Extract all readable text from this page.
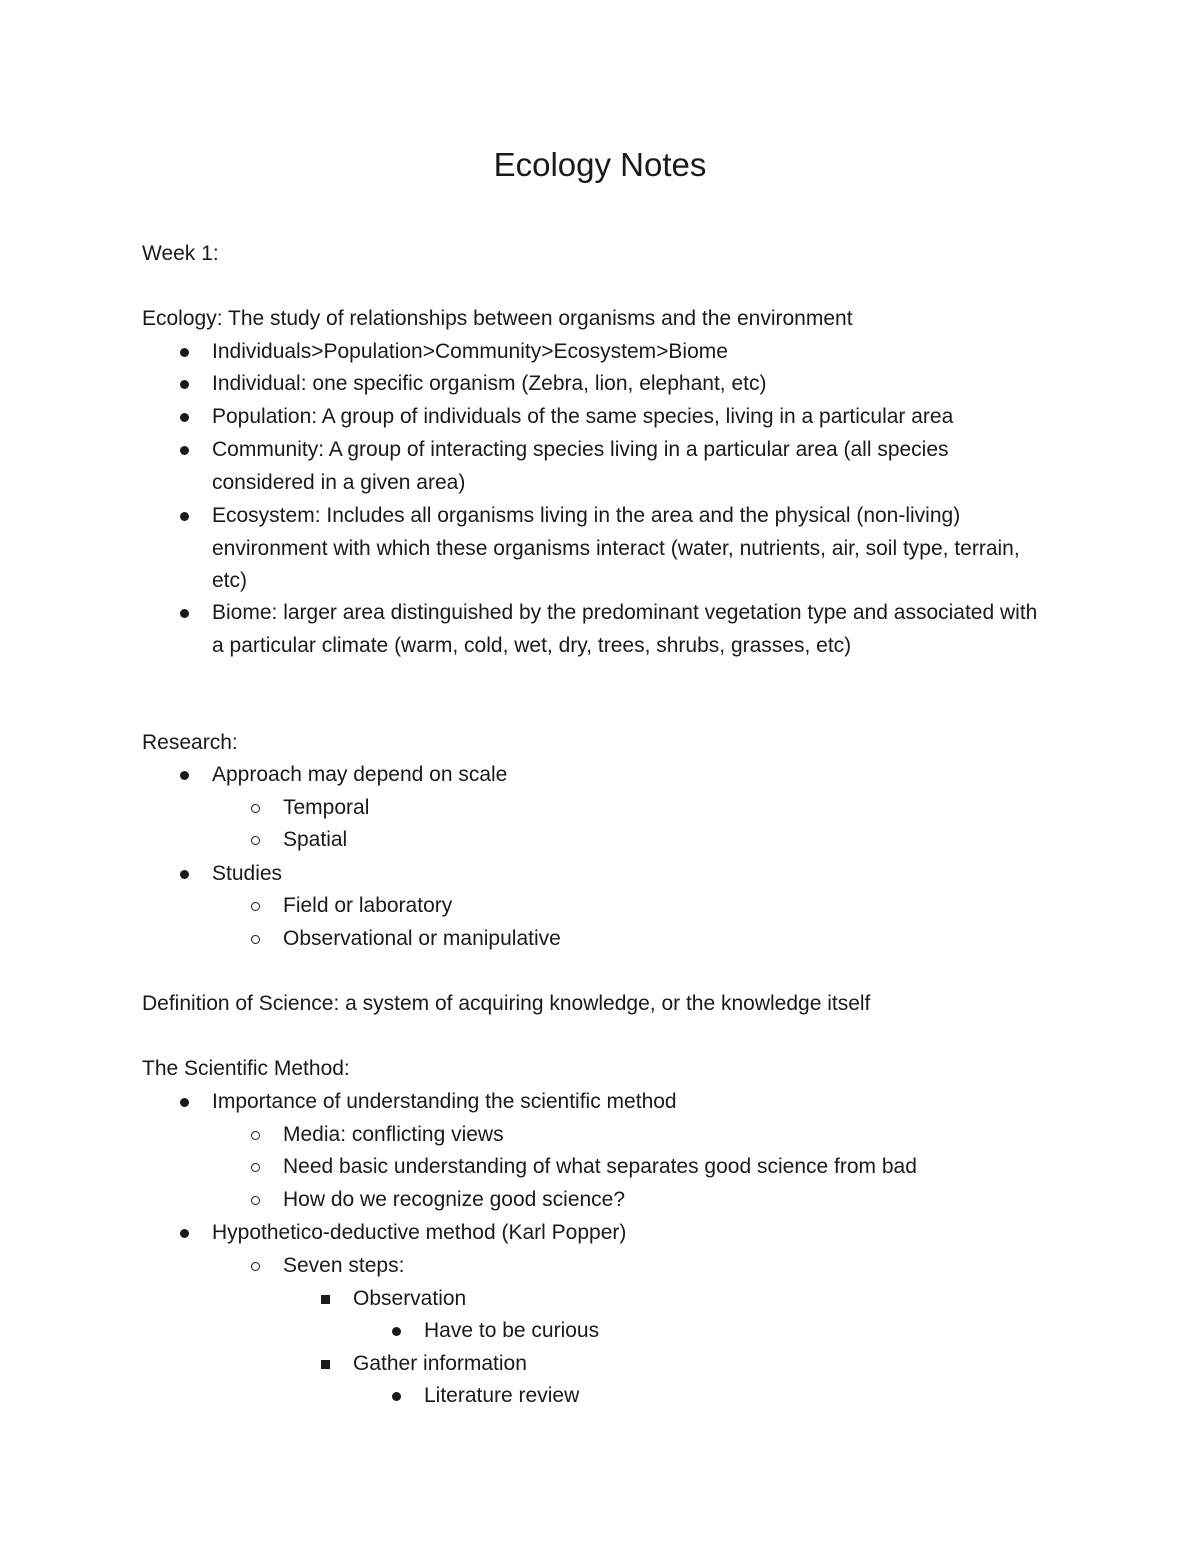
Ecology Notes
Week 1:
Ecology: The study of relationships between organisms and the environment
Individuals>Population>Community>Ecosystem>Biome
Individual: one specific organism (Zebra, lion, elephant, etc)
Population: A group of individuals of the same species, living in a particular area
Community: A group of interacting species living in a particular area (all species considered in a given area)
Ecosystem: Includes all organisms living in the area and the physical (non-living) environment with which these organisms interact (water, nutrients, air, soil type, terrain, etc)
Biome: larger area distinguished by the predominant vegetation type and associated with a particular climate (warm, cold, wet, dry, trees, shrubs, grasses, etc)
Research:
Approach may depend on scale
Temporal
Spatial
Studies
Field or laboratory
Observational or manipulative
Definition of Science: a system of acquiring knowledge, or the knowledge itself
The Scientific Method:
Importance of understanding the scientific method
Media: conflicting views
Need basic understanding of what separates good science from bad
How do we recognize good science?
Hypothetico-deductive method (Karl Popper)
Seven steps:
Observation
Have to be curious
Gather information
Literature review
